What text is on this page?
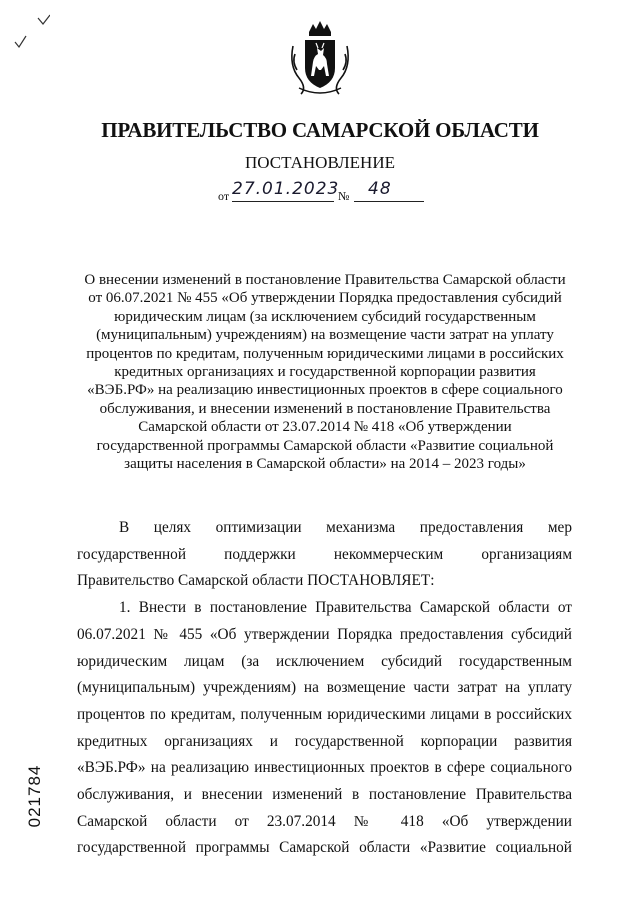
ПРАВИТЕЛЬСТВО САМАРСКОЙ ОБЛАСТИ
ПОСТАНОВЛЕНИЕ
от 27.01.2023
№ 48
О внесении изменений в постановление Правительства Самарской области
от 06.07.2021 № 455 «Об утверждении Порядка предоставления субсидий
юридическим лицам (за исключением субсидий государственным
(муниципальным) учреждениям) на возмещение части затрат на уплату
процентов по кредитам, полученным юридическими лицами в российских
кредитных организациях и государственной корпорации развития
«ВЭБ.РФ» на реализацию инвестиционных проектов в сфере социального
обслуживания, и внесении изменений в постановление Правительства
Самарской области от 23.07.2014 № 418 «Об утверждении
государственной программы Самарской области «Развитие социальной
защиты населения в Самарской области» на 2014 – 2023 годы»
В целях оптимизации механизма предоставления мер
государственной поддержки некоммерческим организациям
Правительство Самарской области ПОСТАНОВЛЯЕТ:
1. Внести в постановление Правительства Самарской области от
06.07.2021 № 455 «Об утверждении Порядка предоставления субсидий
юридическим лицам (за исключением субсидий государственным
(муниципальным) учреждениям) на возмещение части затрат на уплату
процентов по кредитам, полученным юридическими лицами в российских
кредитных организациях и государственной корпорации развития
«ВЭБ.РФ» на реализацию инвестиционных проектов в сфере социального
обслуживания, и внесении изменений в постановление Правительства
Самарской области от 23.07.2014 № 418 «Об утверждении
государственной программы Самарской области «Развитие социальной
021784
